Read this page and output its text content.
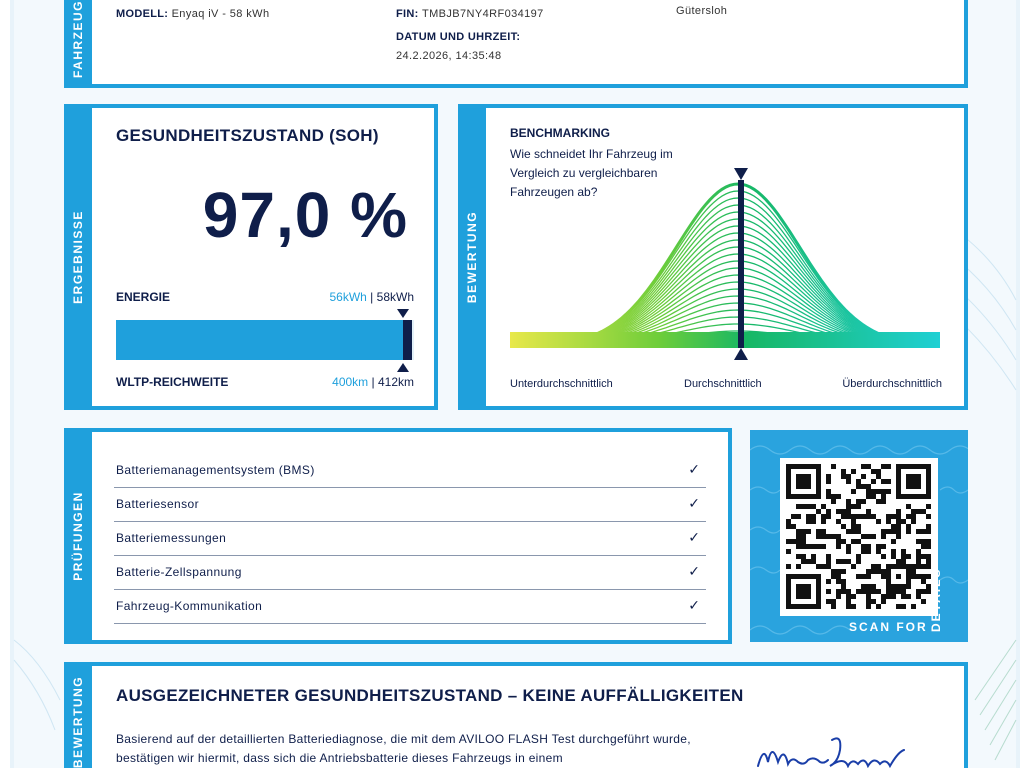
FAHRZEUG	MODELL: Enyaq iV - 58 kWh	FIN: TMBJB7NY4RF034197
DATUM UND UHRZEIT:
24.2.2026, 14:35:48
Gütersloh
ERGEBNISSE
GESUNDHEITSZUSTAND (SOH)
97,0 %
ENERGIE	56kWh | 58kWh
WLTP-REICHWEITE	400km | 412km
BEWERTUNG
BENCHMARKING
Wie schneidet Ihr Fahrzeug im Vergleich zu vergleichbaren Fahrzeugen ab?
Unterdurchschnittlich	Durchschnittlich	Überdurchschnittlich
PRÜFUNGEN
Batteriemanagementsystem (BMS)	✓
Batteriesensor	✓
Batteriemessungen	✓
Batterie-Zellspannung	✓
Fahrzeug-Kommunikation	✓
SCAN FOR DETAILS
BEWERTUNG AUSGEZEICHNETER GESUNDHEITSZUSTAND – KEINE AUFFÄLLIGKEITEN
Basierend auf der detaillierten Batteriediagnose, die mit dem AVILOO FLASH Test durchgeführt wurde, bestätigen wir hiermit, dass sich die Antriebsbatterie dieses Fahrzeugs in einem
